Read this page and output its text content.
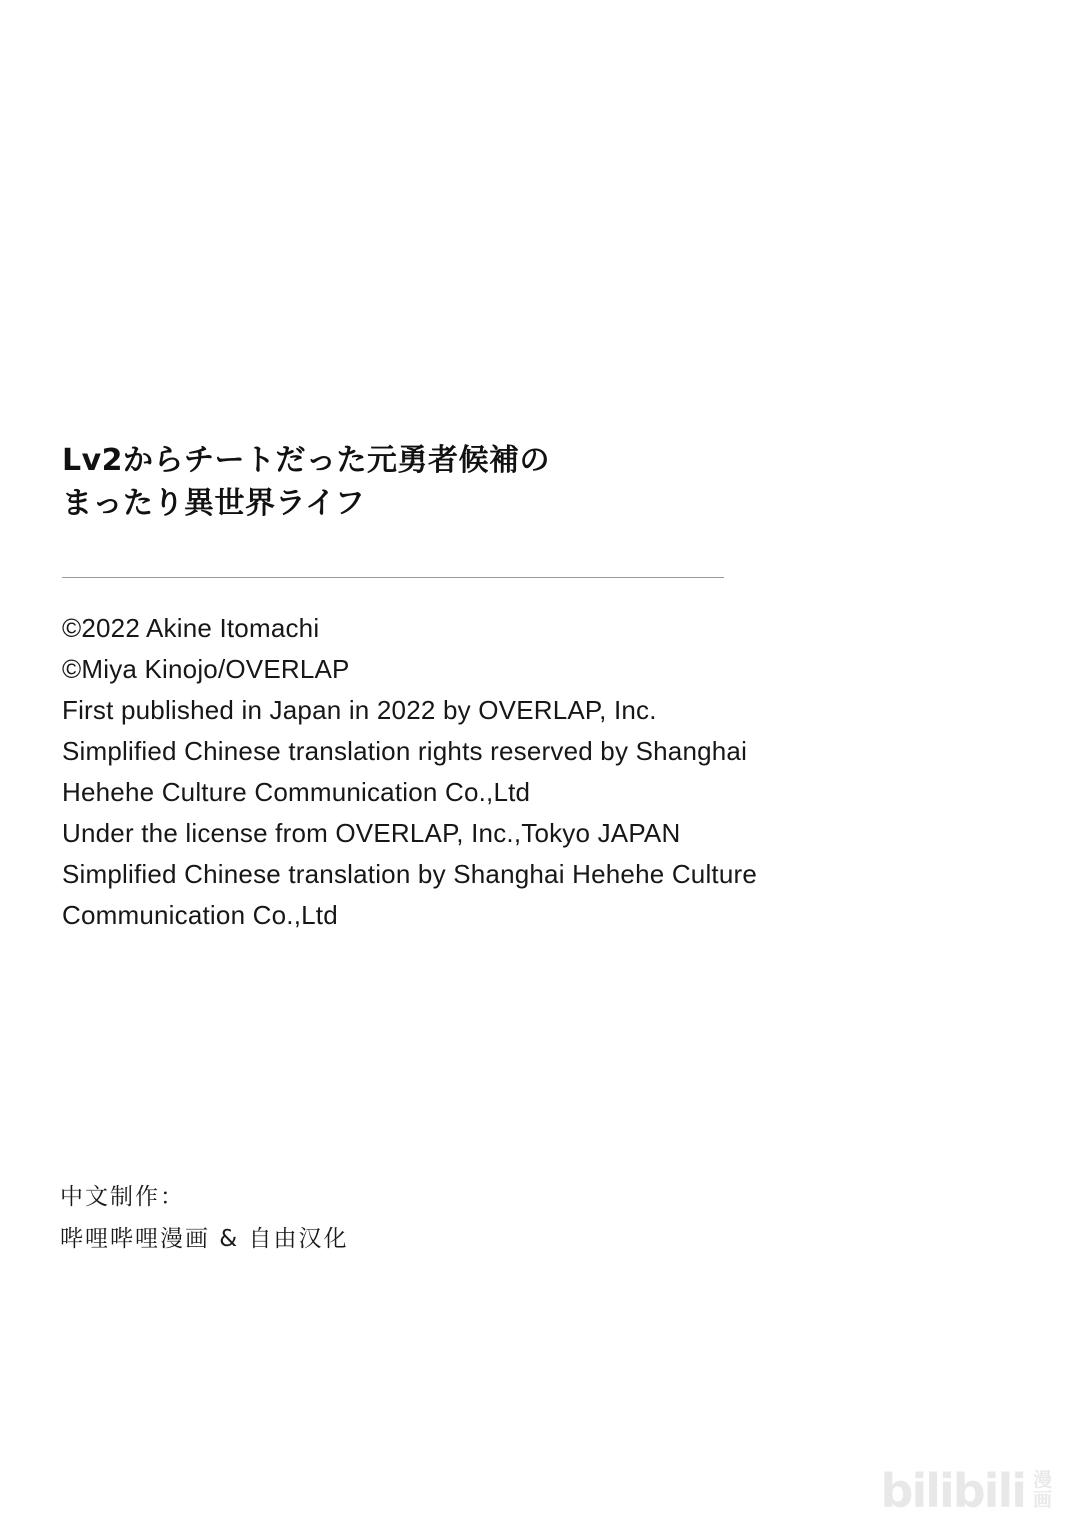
Lv2からチートだった元勇者候補の
まったり異世界ライフ
©2022 Akine Itomachi
©Miya Kinojo/OVERLAP
First published in Japan in 2022 by OVERLAP, Inc.
Simplified Chinese translation rights reserved by Shanghai
Hehehe Culture Communication Co.,Ltd
Under the license from OVERLAP, Inc.,Tokyo JAPAN
Simplified Chinese translation by Shanghai Hehehe Culture
Communication Co.,Ltd
中文制作：
哔哩哔哩漫画 & 自由汉化
bilibili 漫
画
